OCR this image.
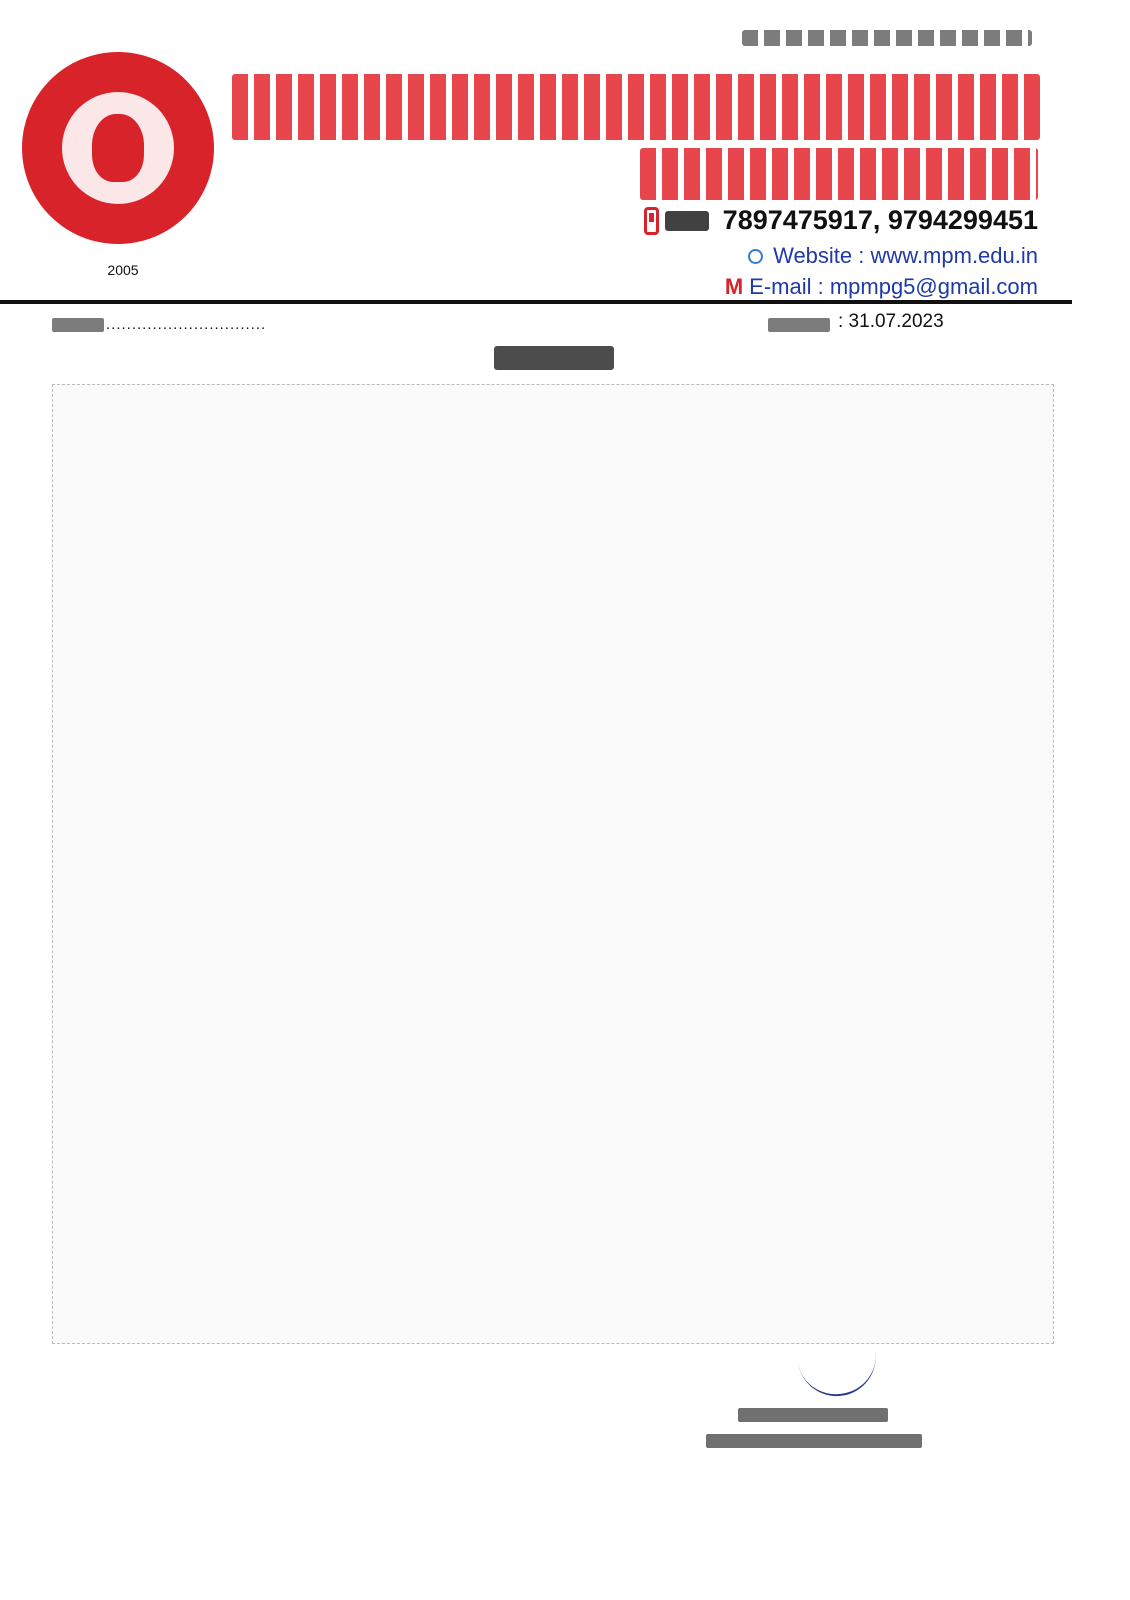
2005
7897475917, 9794299451
Website : www.mpm.edu.in
M E-mail : mpmpg5@gmail.com
...............................	: 31.07.2023
